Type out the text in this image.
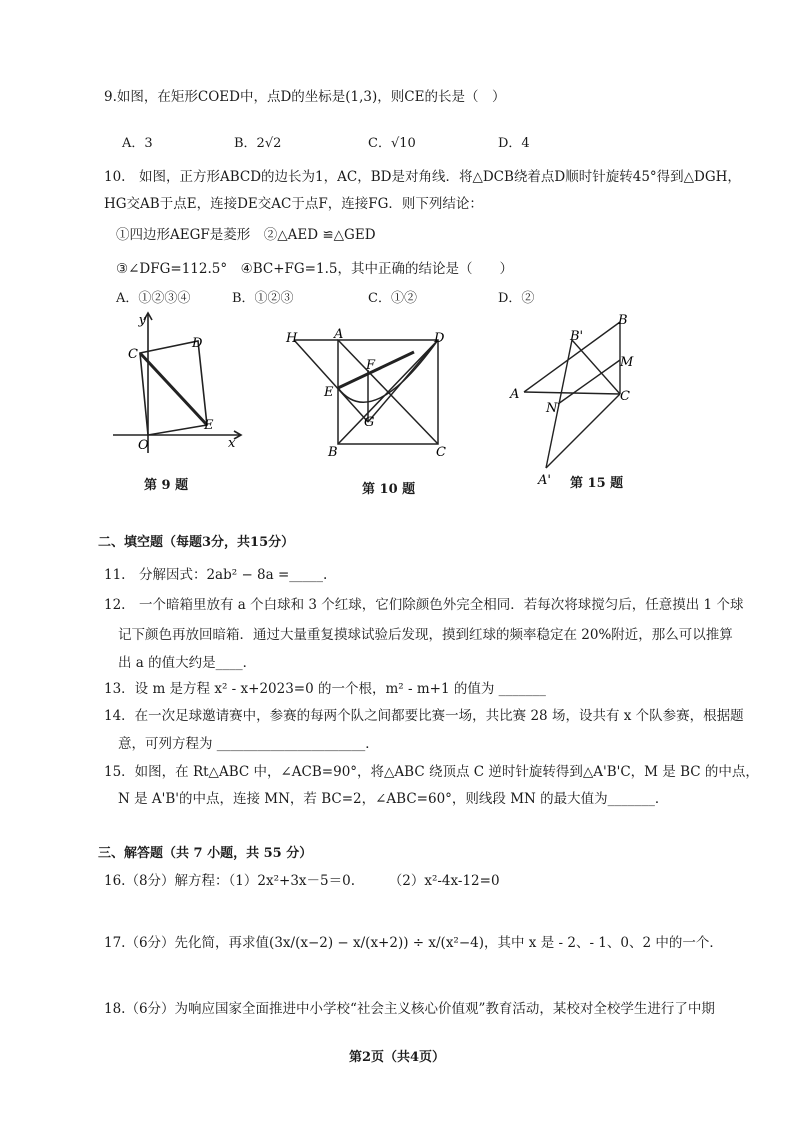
9.如图，在矩形COED中，点D的坐标是(1,3)，则CE的长是（　）
A．3	B．2√2	C．√10	D．4
10.　如图，正方形ABCD的边长为1，AC，BD是对角线．将△DCB绕着点D顺时针旋转45°得到△DGH，
HG交AB于点E，连接DE交AC于点F，连接FG．则下列结论：
①四边形AEGF是菱形　②△AED ≌△GED
③∠DFG=112.5°　④BC+FG=1.5，其中正确的结论是（　　）
A．①②③④	B．①②③	C．①②	D．②
y
C
D
O
E
x
第 9 题
H	A	D
F
E
G
B	C
第 10 题
B'
B
M
A	C
N
A' 第 15 题
二、填空题（每题3分，共15分）
11.　分解因式：2ab² − 8a =_____.
12.　一个暗箱里放有 a 个白球和 3 个红球，它们除颜色外完全相同．若每次将球搅匀后，任意摸出 1 个球
记下颜色再放回暗箱．通过大量重复摸球试验后发现，摸到红球的频率稳定在 20%附近，那么可以推算
出 a 的值大约是____．
13．设 m 是方程 x² - x+2023=0 的一个根，m² - m+1 的值为 _______
14．在一次足球邀请赛中，参赛的每两个队之间都要比赛一场，共比赛 28 场，设共有 x 个队参赛，根据题
意，可列方程为 ______________________．
15．如图，在 Rt△ABC 中，∠ACB=90°，将△ABC 绕顶点 C 逆时针旋转得到△A'B'C，M 是 BC 的中点，
N 是 A'B'的中点，连接 MN，若 BC=2，∠ABC=60°，则线段 MN 的最大值为_______．
三、解答题（共 7 小题，共 55 分）
16.（8分）解方程：（1）2x²+3x－5＝0.　　　（2）x²-4x-12=0
17.（6分）先化简，再求值(3x/(x−2) − x/(x+2)) ÷ x/(x²−4)，其中 x 是 - 2、- 1、0、2 中的一个．
18.（6分）为响应国家全面推进中小学校“社会主义核心价值观”教育活动，某校对全校学生进行了中期
第2页（共4页）
